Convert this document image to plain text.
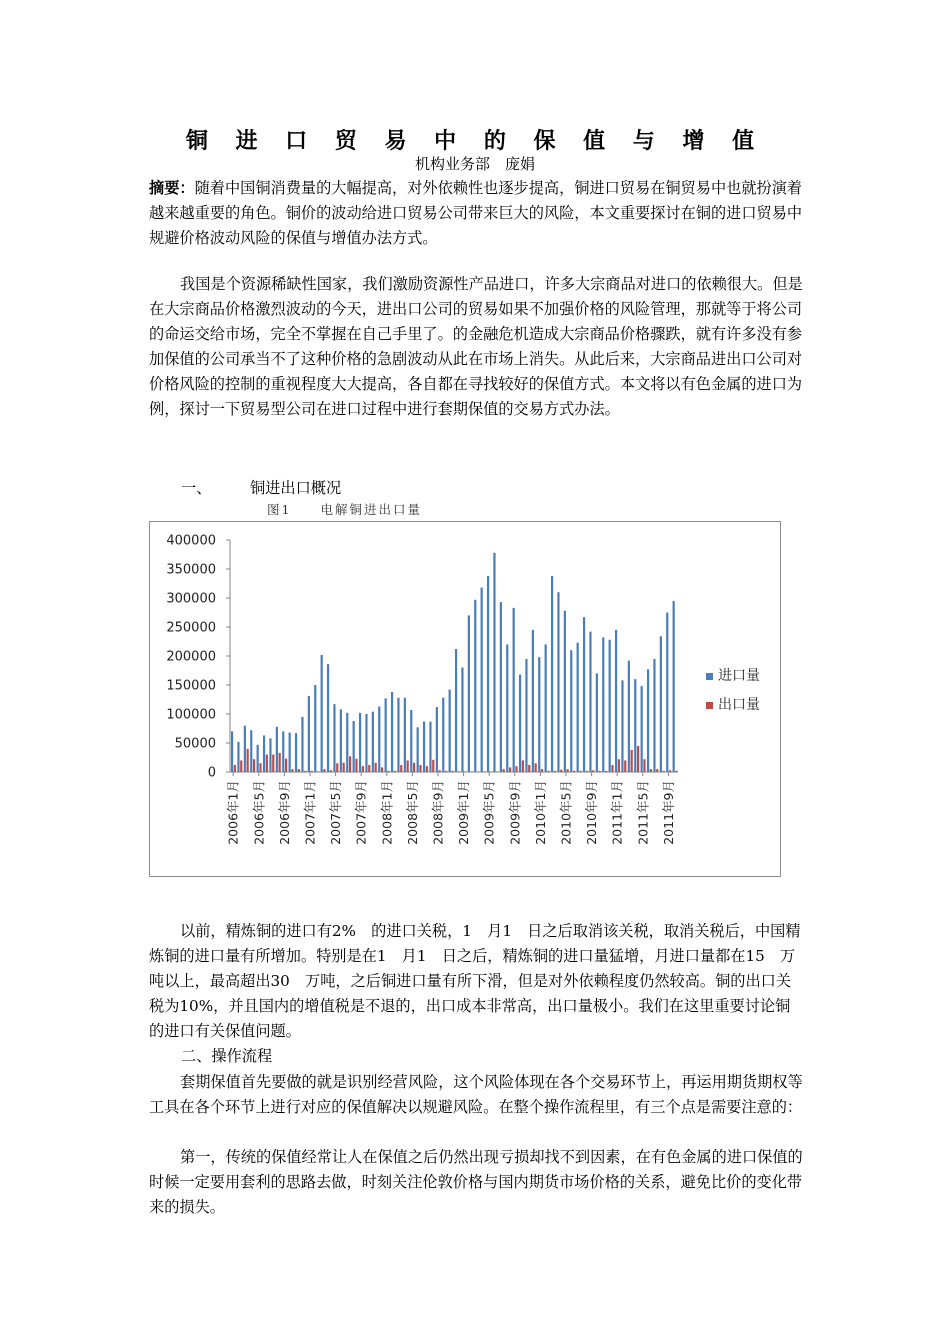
铜 进 口 贸 易 中 的 保 值 与 增 值
机构业务部　庞娟

摘要：随着中国铜消费量的大幅提高，对外依赖性也逐步提高，铜进口贸易在铜贸易中也就扮演着越来越重要的角色。铜价的波动给进口贸易公司带来巨大的风险，本文重要探讨在铜的进口贸易中规避价格波动风险的保值与增值办法方式。

我国是个资源稀缺性国家，我们激励资源性产品进口，许多大宗商品对进口的依赖很大。但是在大宗商品价格激烈波动的今天，进出口公司的贸易如果不加强价格的风险管理，那就等于将公司的命运交给市场，完全不掌握在自己手里了。的金融危机造成大宗商品价格骤跌，就有许多没有参加保值的公司承当不了这种价格的急剧波动从此在市场上消失。从此后来，大宗商品进出口公司对价格风险的控制的重视程度大大提高，各自都在寻找较好的保值方式。本文将以有色金属的进口为例，探讨一下贸易型公司在进口过程中进行套期保值的交易方式办法。

一、	铜进出口概况
图1　　电解铜进出口量
0
50000
100000
150000
200000
250000
300000
350000
400000
2006年1月 2006年5月 2006年9月 2007年1月 2007年5月 2007年9月 2008年1月 2008年5月 2008年9月 2009年1月 2009年5月 2009年9月 2010年1月 2010年5月 2010年9月 2011年1月 2011年5月 2011年9月
进口量
出口量

以前，精炼铜的进口有2%　的进口关税，1　月1　日之后取消该关税，取消关税后，中国精炼铜的进口量有所增加。特别是在1　月1　日之后，精炼铜的进口量猛增，月进口量都在15　万吨以上，最高超出30　万吨，之后铜进口量有所下滑，但是对外依赖程度仍然较高。铜的出口关税为10%，并且国内的增值税是不退的，出口成本非常高，出口量极小。我们在这里重要讨论铜的进口有关保值问题。

二、操作流程

套期保值首先要做的就是识别经营风险，这个风险体现在各个交易环节上，再运用期货期权等工具在各个环节上进行对应的保值解决以规避风险。在整个操作流程里，有三个点是需要注意的：

第一，传统的保值经常让人在保值之后仍然出现亏损却找不到因素，在有色金属的进口保值的时候一定要用套利的思路去做，时刻关注伦敦价格与国内期货市场价格的关系，避免比价的变化带来的损失。
